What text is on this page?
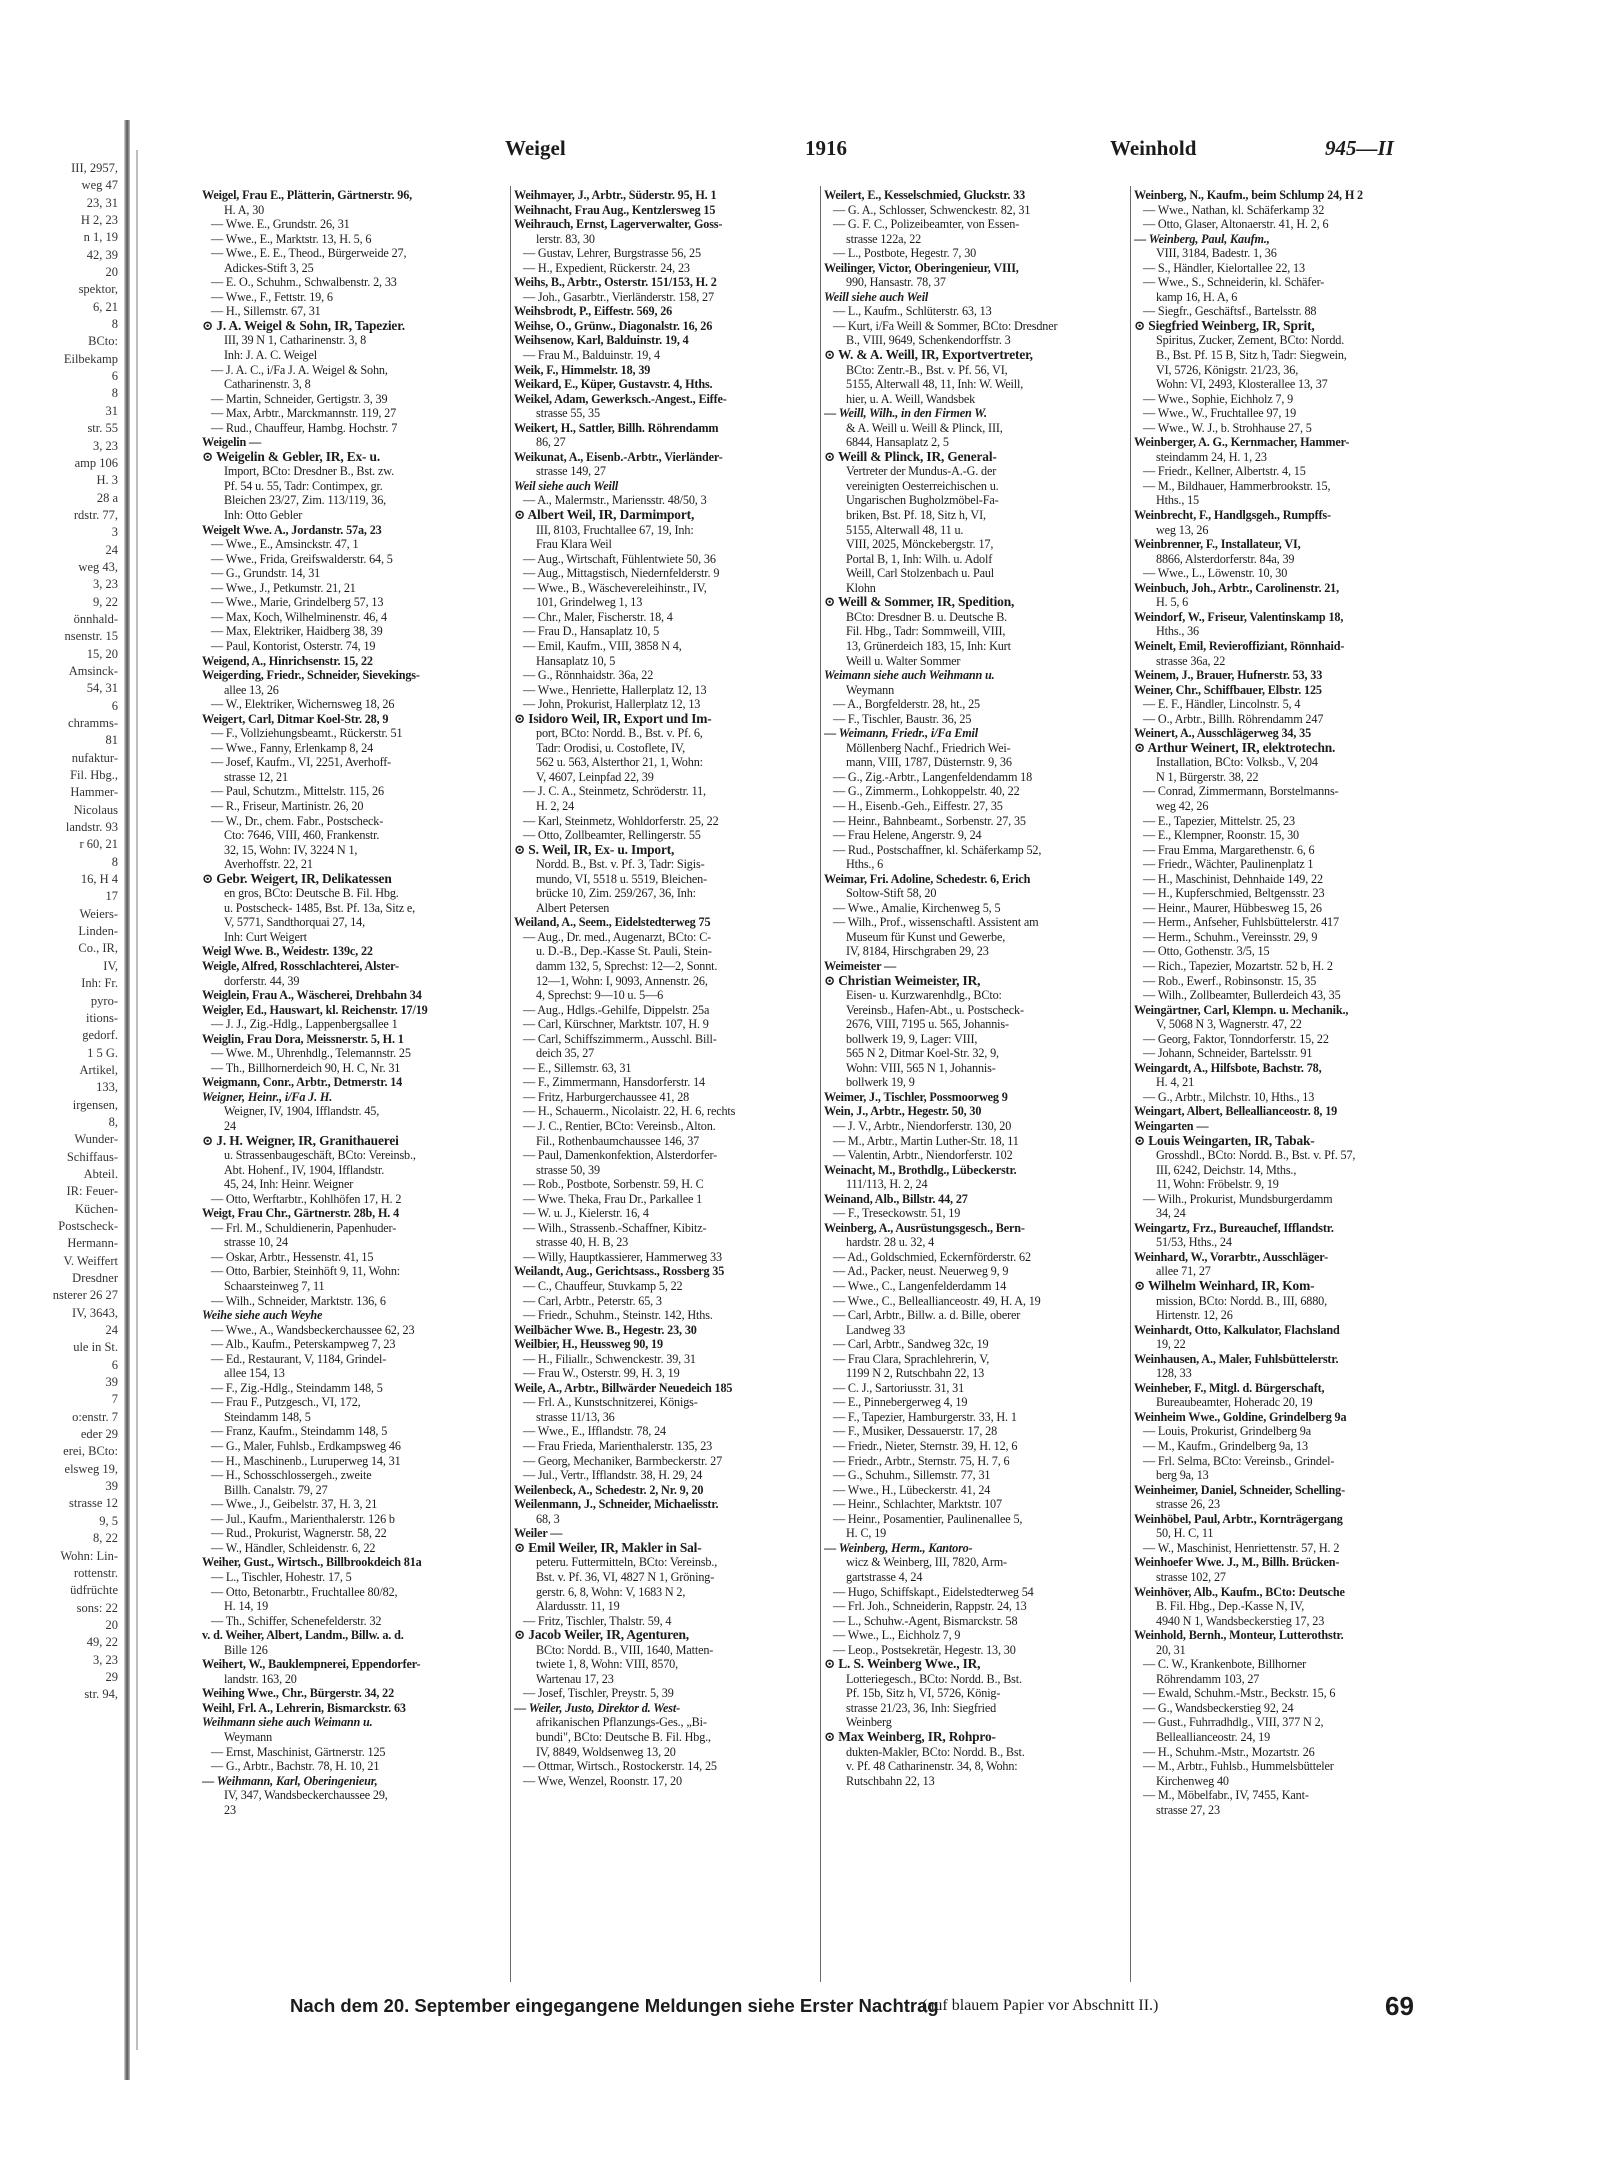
III, 2957,
weg 47
23, 31
H 2, 23
n 1, 19
42, 39
20
spektor,
6, 21
8
BCto:
Eilbekamp
6
8
31
str. 55
3, 23
amp 106
H. 3
28 a
rdstr. 77,
3
24
weg 43,
3, 23
9, 22
önnhald-
nsenstr. 15
15, 20
Amsinck-
54, 31
6
chramms-
81
nufaktur-
Fil. Hbg.,
Hammer-
Nicolaus
landstr. 93
r 60, 21
8
16, H 4
17
Weiers-
Linden-
Co., IR,
IV,
Inh: Fr.
pyro-
itions-
gedorf.
1 5 G.
Artikel,
133,
irgensen,
8,
Wunder-
Schiffaus-
Abteil.
IR: Feuer-
Küchen-
Postscheck-
Hermann-
V. Weiffert
Dresdner
nsterer 26 27
IV, 3643,
24
ule in St.
6
39
7
o:enstr. 7
eder 29
erei, BCto:
elsweg 19,
39
strasse 12
9, 5
8, 22
Wohn: Lin-
rottenstr.
üdfrüchte
sons: 22
20
49, 22
3, 23
29
str. 94,
Weigel	1916	Weinhold	945—II
Weigel, Frau E., Plätterin, Gärtnerstr. 96,
H. A, 30
— Wwe. E., Grundstr. 26, 31
— Wwe., E., Marktstr. 13, H. 5, 6
— Wwe., E. E., Theod., Bürgerweide 27,
Adickes-Stift 3, 25
— E. O., Schuhm., Schwalbenstr. 2, 33
— Wwe., F., Fettstr. 19, 6
— H., Sillemstr. 67, 31
⊙ J. A. Weigel & Sohn, IR, Tapezier.
III, 39 N 1, Catharinenstr. 3, 8
Inh: J. A. C. Weigel
— J. A. C., i/Fa J. A. Weigel & Sohn,
Catharinenstr. 3, 8
— Martin, Schneider, Gertigstr. 3, 39
— Max, Arbtr., Marckmannstr. 119, 27
— Rud., Chauffeur, Hambg. Hochstr. 7
Weigelin —
⊙ Weigelin & Gebler, IR, Ex- u.
Import, BCto: Dresdner B., Bst. zw.
Pf. 54 u. 55, Tadr: Contimpex, gr.
Bleichen 23/27, Zim. 113/119, 36,
Inh: Otto Gebler
Weigelt Wwe. A., Jordanstr. 57a, 23
— Wwe., E., Amsinckstr. 47, 1
— Wwe., Frida, Greifswalderstr. 64, 5
— G., Grundstr. 14, 31
— Wwe., J., Petkumstr. 21, 21
— Wwe., Marie, Grindelberg 57, 13
— Max, Koch, Wilhelminenstr. 46, 4
— Max, Elektriker, Haidberg 38, 39
— Paul, Kontorist, Osterstr. 74, 19
Weigend, A., Hinrichsenstr. 15, 22
Weigerding, Friedr., Schneider, Sievekings-
allee 13, 26
— W., Elektriker, Wichernsweg 18, 26
Weigert, Carl, Ditmar Koel-Str. 28, 9
— F., Vollziehungsbeamt., Rückerstr. 51
— Wwe., Fanny, Erlenkamp 8, 24
— Josef, Kaufm., VI, 2251, Averhoff-
strasse 12, 21
— Paul, Schutzm., Mittelstr. 115, 26
— R., Friseur, Martinistr. 26, 20
— W., Dr., chem. Fabr., Postscheck-
Cto: 7646, VIII, 460, Frankenstr.
32, 15, Wohn: IV, 3224 N 1,
Averhoffstr. 22, 21
⊙ Gebr. Weigert, IR, Delikatessen
en gros, BCto: Deutsche B. Fil. Hbg.
u. Postscheck- 1485, Bst. Pf. 13a, Sitz e,
V, 5771, Sandthorquai 27, 14,
Inh: Curt Weigert
Weigl Wwe. B., Weidestr. 139c, 22
Weigle, Alfred, Rosschlachterei, Alster-
dorferstr. 44, 39
Weiglein, Frau A., Wäscherei, Drehbahn 34
Weigler, Ed., Hauswart, kl. Reichenstr. 17/19
— J. J., Zig.-Hdlg., Lappenbergsallee 1
Weiglin, Frau Dora, Meissnerstr. 5, H. 1
— Wwe. M., Uhrenhdlg., Telemannstr. 25
— Th., Billhornerdeich 90, H. C, Nr. 31
Weigmann, Conr., Arbtr., Detmerstr. 14
Weigner, Heinr., i/Fa J. H.
Weigner, IV, 1904, Ifflandstr. 45,
24
⊙ J. H. Weigner, IR, Granithauerei
u. Strassenbaugeschäft, BCto: Vereinsb.,
Abt. Hohenf., IV, 1904, Ifflandstr.
45, 24, Inh: Heinr. Weigner
— Otto, Werftarbtr., Kohlhöfen 17, H. 2
Weigt, Frau Chr., Gärtnerstr. 28b, H. 4
— Frl. M., Schuldienerin, Papenhuder-
strasse 10, 24
— Oskar, Arbtr., Hessenstr. 41, 15
— Otto, Barbier, Steinhöft 9, 11, Wohn:
Schaarsteinweg 7, 11
— Wilh., Schneider, Marktstr. 136, 6
Weihe siehe auch Weyhe
— Wwe., A., Wandsbeckerchaussee 62, 23
— Alb., Kaufm., Peterskampweg 7, 23
— Ed., Restaurant, V, 1184, Grindel-
allee 154, 13
— F., Zig.-Hdlg., Steindamm 148, 5
— Frau F., Putzgesch., VI, 172,
Steindamm 148, 5
— Franz, Kaufm., Steindamm 148, 5
— G., Maler, Fuhlsb., Erdkampsweg 46
— H., Maschinenb., Luruperweg 14, 31
— H., Schosschlossergeh., zweite
Billh. Canalstr. 79, 27
— Wwe., J., Geibelstr. 37, H. 3, 21
— Jul., Kaufm., Marienthalerstr. 126 b
— Rud., Prokurist, Wagnerstr. 58, 22
— W., Händler, Schleidenstr. 6, 22
Weiher, Gust., Wirtsch., Billbrookdeich 81a
— L., Tischler, Hohestr. 17, 5
— Otto, Betonarbtr., Fruchtallee 80/82,
H. 14, 19
— Th., Schiffer, Schenefelderstr. 32
v. d. Weiher, Albert, Landm., Billw. a. d.
Bille 126
Weihert, W., Bauklempnerei, Eppendorfer-
landstr. 163, 20
Weihing Wwe., Chr., Bürgerstr. 34, 22
Weihl, Frl. A., Lehrerin, Bismarckstr. 63
Weihmann siehe auch Weimann u.
Weymann
— Ernst, Maschinist, Gärtnerstr. 125
— G., Arbtr., Bachstr. 78, H. 10, 21
— Weihmann, Karl, Oberingenieur,
IV, 347, Wandsbeckerchaussee 29,
23
Weihmayer, J., Arbtr., Süderstr. 95, H. 1
Weihnacht, Frau Aug., Kentzlersweg 15
Weihrauch, Ernst, Lagerverwalter, Goss-
lerstr. 83, 30
— Gustav, Lehrer, Burgstrasse 56, 25
— H., Expedient, Rückerstr. 24, 23
Weihs, B., Arbtr., Osterstr. 151/153, H. 2
— Joh., Gasarbtr., Vierländerstr. 158, 27
Weihsbrodt, P., Eiffestr. 569, 26
Weihse, O., Grünw., Diagonalstr. 16, 26
Weihsenow, Karl, Balduinstr. 19, 4
— Frau M., Balduinstr. 19, 4
Weik, F., Himmelstr. 18, 39
Weikard, E., Küper, Gustavstr. 4, Hths.
Weikel, Adam, Gewerksch.-Angest., Eiffe-
strasse 55, 35
Weikert, H., Sattler, Billh. Röhrendamm
86, 27
Weikunat, A., Eisenb.-Arbtr., Vierländer-
strasse 149, 27
Weil siehe auch Weill
— A., Malermstr., Mariensstr. 48/50, 3
⊙ Albert Weil, IR, Darmimport,
III, 8103, Fruchtallee 67, 19, Inh:
Frau Klara Weil
— Aug., Wirtschaft, Fühlentwiete 50, 36
— Aug., Mittagstisch, Niedernfelderstr. 9
— Wwe., B., Wäschevereleihinstr., IV,
101, Grindelweg 1, 13
— Chr., Maler, Fischerstr. 18, 4
— Frau D., Hansaplatz 10, 5
— Emil, Kaufm., VIII, 3858 N 4,
Hansaplatz 10, 5
— G., Rönnhaidstr. 36a, 22
— Wwe., Henriette, Hallerplatz 12, 13
— John, Prokurist, Hallerplatz 12, 13
⊙ Isidoro Weil, IR, Export und Im-
port, BCto: Nordd. B., Bst. v. Pf. 6,
Tadr: Orodisi, u. Costoflete, IV,
562 u. 563, Alsterthor 21, 1, Wohn:
V, 4607, Leinpfad 22, 39
— J. C. A., Steinmetz, Schröderstr. 11,
H. 2, 24
— Karl, Steinmetz, Wohldorferstr. 25, 22
— Otto, Zollbeamter, Rellingerstr. 55
⊙ S. Weil, IR, Ex- u. Import,
Nordd. B., Bst. v. Pf. 3, Tadr: Sigis-
mundo, VI, 5518 u. 5519, Bleichen-
brücke 10, Zim. 259/267, 36, Inh:
Albert Petersen
Weiland, A., Seem., Eidelstedterweg 75
— Aug., Dr. med., Augenarzt, BCto: C-
u. D.-B., Dep.-Kasse St. Pauli, Stein-
damm 132, 5, Sprechst: 12—2, Sonnt.
12—1, Wohn: I, 9093, Annenstr. 26,
4, Sprechst: 9—10 u. 5—6
— Aug., Hdlgs.-Gehilfe, Dippelstr. 25a
— Carl, Kürschner, Marktstr. 107, H. 9
— Carl, Schiffszimmerm., Ausschl. Bill-
deich 35, 27
— E., Sillemstr. 63, 31
— F., Zimmermann, Hansdorferstr. 14
— Fritz, Harburgerchaussee 41, 28
— H., Schauerm., Nicolaistr. 22, H. 6, rechts
— J. C., Rentier, BCto: Vereinsb., Alton.
Fil., Rothenbaumchaussee 146, 37
— Paul, Damenkonfektion, Alsterdorfer-
strasse 50, 39
— Rob., Postbote, Sorbenstr. 59, H. C
— Wwe. Theka, Frau Dr., Parkallee 1
— W. u. J., Kielerstr. 16, 4
— Wilh., Strassenb.-Schaffner, Kibitz-
strasse 40, H. B, 23
— Willy, Hauptkassierer, Hammerweg 33
Weilandt, Aug., Gerichtsass., Rossberg 35
— C., Chauffeur, Stuvkamp 5, 22
— Carl, Arbtr., Peterstr. 65, 3
— Friedr., Schuhm., Steinstr. 142, Hths.
Weilbächer Wwe. B., Hegestr. 23, 30
Weilbier, H., Heussweg 90, 19
— H., Filiallr., Schwenckestr. 39, 31
— Frau W., Osterstr. 99, H. 3, 19
Weile, A., Arbtr., Billwärder Neuedeich 185
— Frl. A., Kunstschnitzerei, Königs-
strasse 11/13, 36
— Wwe., E., Ifflandstr. 78, 24
— Frau Frieda, Marienthalerstr. 135, 23
— Georg, Mechaniker, Barmbeckerstr. 27
— Jul., Vertr., Ifflandstr. 38, H. 29, 24
Weilenbeck, A., Schedestr. 2, Nr. 9, 20
Weilenmann, J., Schneider, Michaelisstr.
68, 3
Weiler —
⊙ Emil Weiler, IR, Makler in Sal-
peteru. Futtermitteln, BCto: Vereinsb.,
Bst. v. Pf. 36, VI, 4827 N 1, Gröning-
gerstr. 6, 8, Wohn: V, 1683 N 2,
Alardusstr. 11, 19
— Fritz, Tischler, Thalstr. 59, 4
⊙ Jacob Weiler, IR, Agenturen,
BCto: Nordd. B., VIII, 1640, Matten-
twiete 1, 8, Wohn: VIII, 8570,
Wartenau 17, 23
— Josef, Tischler, Preystr. 5, 39
— Weiler, Justo, Direktor d. West-
afrikanischen Pflanzungs-Ges., „Bi-
bundi", BCto: Deutsche B. Fil. Hbg.,
IV, 8849, Woldsenweg 13, 20
— Ottmar, Wirtsch., Rostockerstr. 14, 25
— Wwe, Wenzel, Roonstr. 17, 20
Weilert, E., Kesselschmied, Gluckstr. 33
— G. A., Schlosser, Schwenckestr. 82, 31
— G. F. C., Polizeibeamter, von Essen-
strasse 122a, 22
— L., Postbote, Hegestr. 7, 30
Weilinger, Victor, Oberingenieur, VIII,
990, Hansastr. 78, 37
Weill siehe auch Weil
— L., Kaufm., Schlüterstr. 63, 13
— Kurt, i/Fa Weill & Sommer, BCto: Dresdner
B., VIII, 9649, Schenkendorffstr. 3
⊙ W. & A. Weill, IR, Exportvertreter,
BCto: Zentr.-B., Bst. v. Pf. 56, VI,
5155, Alterwall 48, 11, Inh: W. Weill,
hier, u. A. Weill, Wandsbek
— Weill, Wilh., in den Firmen W.
& A. Weill u. Weill & Plinck, III,
6844, Hansaplatz 2, 5
⊙ Weill & Plinck, IR, General-
Vertreter der Mundus-A.-G. der
vereinigten Oesterreichischen u.
Ungarischen Bugholzmöbel-Fa-
briken, Bst. Pf. 18, Sitz h, VI,
5155, Alterwall 48, 11 u.
VIII, 2025, Mönckebergstr. 17,
Portal B, 1, Inh: Wilh. u. Adolf
Weill, Carl Stolzenbach u. Paul
Klohn
⊙ Weill & Sommer, IR, Spedition,
BCto: Dresdner B. u. Deutsche B.
Fil. Hbg., Tadr: Sommweill, VIII,
13, Grünerdeich 183, 15, Inh: Kurt
Weill u. Walter Sommer
Weimann siehe auch Weihmann u.
Weymann
— A., Borgfelderstr. 28, ht., 25
— F., Tischler, Baustr. 36, 25
— Weimann, Friedr., i/Fa Emil
Möllenberg Nachf., Friedrich Wei-
mann, VIII, 1787, Düsternstr. 9, 36
— G., Zig.-Arbtr., Langenfeldendamm 18
— G., Zimmerm., Lohkoppelstr. 40, 22
— H., Eisenb.-Geh., Eiffestr. 27, 35
— Heinr., Bahnbeamt., Sorbenstr. 27, 35
— Frau Helene, Angerstr. 9, 24
— Rud., Postschaffner, kl. Schäferkamp 52,
Hths., 6
Weimar, Fri. Adoline, Schedestr. 6, Erich
Soltow-Stift 58, 20
— Wwe., Amalie, Kirchenweg 5, 5
— Wilh., Prof., wissenschaftl. Assistent am
Museum für Kunst und Gewerbe,
IV, 8184, Hirschgraben 29, 23
Weimeister —
⊙ Christian Weimeister, IR,
Eisen- u. Kurzwarenhdlg., BCto:
Vereinsb., Hafen-Abt., u. Postscheck-
2676, VIII, 7195 u. 565, Johannis-
bollwerk 19, 9, Lager: VIII,
565 N 2, Ditmar Koel-Str. 32, 9,
Wohn: VIII, 565 N 1, Johannis-
bollwerk 19, 9
Weimer, J., Tischler, Possmoorweg 9
Wein, J., Arbtr., Hegestr. 50, 30
— J. V., Arbtr., Niendorferstr. 130, 20
— M., Arbtr., Martin Luther-Str. 18, 11
— Valentin, Arbtr., Niendorferstr. 102
Weinacht, M., Brothdlg., Lübeckerstr.
111/113, H. 2, 24
Weinand, Alb., Billstr. 44, 27
— F., Treseckowstr. 51, 19
Weinberg, A., Ausrüstungsgesch., Bern-
hardstr. 28 u. 32, 4
— Ad., Goldschmied, Eckernförderstr. 62
— Ad., Packer, neust. Neuerweg 9, 9
— Wwe., C., Langenfelderdamm 14
— Wwe., C., Belleallianceostr. 49, H. A, 19
— Carl, Arbtr., Billw. a. d. Bille, oberer
Landweg 33
— Carl, Arbtr., Sandweg 32c, 19
— Frau Clara, Sprachlehrerin, V,
1199 N 2, Rutschbahn 22, 13
— C. J., Sartoriusstr. 31, 31
— E., Pinnebergerweg 4, 19
— F., Tapezier, Hamburgerstr. 33, H. 1
— F., Musiker, Dessauerstr. 17, 28
— Friedr., Nieter, Sternstr. 39, H. 12, 6
— Friedr., Arbtr., Sternstr. 75, H. 7, 6
— G., Schuhm., Sillemstr. 77, 31
— Wwe., H., Lübeckerstr. 41, 24
— Heinr., Schlachter, Marktstr. 107
— Heinr., Posamentier, Paulinenallee 5,
H. C, 19
— Weinberg, Herm., Kantoro-
wicz & Weinberg, III, 7820, Arm-
gartstrasse 4, 24
— Hugo, Schiffskapt., Eidelstedterweg 54
— Frl. Joh., Schneiderin, Rappstr. 24, 13
— L., Schuhw.-Agent, Bismarckstr. 58
— Wwe., L., Eichholz 7, 9
— Leop., Postsekretär, Hegestr. 13, 30
⊙ L. S. Weinberg Wwe., IR,
Lotteriegesch., BCto: Nordd. B., Bst.
Pf. 15b, Sitz h, VI, 5726, König-
strasse 21/23, 36, Inh: Siegfried
Weinberg
⊙ Max Weinberg, IR, Rohpro-
dukten-Makler, BCto: Nordd. B., Bst.
v. Pf. 48 Catharinenstr. 34, 8, Wohn:
Rutschbahn 22, 13
Weinberg, N., Kaufm., beim Schlump 24, H 2
— Wwe., Nathan, kl. Schäferkamp 32
— Otto, Glaser, Altonaerstr. 41, H. 2, 6
— Weinberg, Paul, Kaufm.,
VIII, 3184, Badestr. 1, 36
— S., Händler, Kielortallee 22, 13
— Wwe., S., Schneiderin, kl. Schäfer-
kamp 16, H. A, 6
— Siegfr., Geschäftsf., Bartelsstr. 88
⊙ Siegfried Weinberg, IR, Sprit,
Spiritus, Zucker, Zement, BCto: Nordd.
B., Bst. Pf. 15 B, Sitz h, Tadr: Siegwein,
VI, 5726, Königstr. 21/23, 36,
Wohn: VI, 2493, Klosterallee 13, 37
— Wwe., Sophie, Eichholz 7, 9
— Wwe., W., Fruchtallee 97, 19
— Wwe., W. J., b. Strohhause 27, 5
Weinberger, A. G., Kernmacher, Hammer-
steindamm 24, H. 1, 23
— Friedr., Kellner, Albertstr. 4, 15
— M., Bildhauer, Hammerbrookstr. 15,
Hths., 15
Weinbrecht, F., Handlgsgeh., Rumpffs-
weg 13, 26
Weinbrenner, F., Installateur, VI,
8866, Alsterdorferstr. 84a, 39
— Wwe., L., Löwenstr. 10, 30
Weinbuch, Joh., Arbtr., Carolinenstr. 21,
H. 5, 6
Weindorf, W., Friseur, Valentinskamp 18,
Hths., 36
Weinelt, Emil, Revieroffiziant, Rönnhaid-
strasse 36a, 22
Weinem, J., Brauer, Hufnerstr. 53, 33
Weiner, Chr., Schiffbauer, Elbstr. 125
— E. F., Händler, Lincolnstr. 5, 4
— O., Arbtr., Billh. Röhrendamm 247
Weinert, A., Ausschlägerweg 34, 35
⊙ Arthur Weinert, IR, elektrotechn.
Installation, BCto: Volksb., V, 204
N 1, Bürgerstr. 38, 22
— Conrad, Zimmermann, Borstelmanns-
weg 42, 26
— E., Tapezier, Mittelstr. 25, 23
— E., Klempner, Roonstr. 15, 30
— Frau Emma, Margarethenstr. 6, 6
— Friedr., Wächter, Paulinenplatz 1
— H., Maschinist, Dehnhaide 149, 22
— H., Kupferschmied, Beltgensstr. 23
— Heinr., Maurer, Hübbesweg 15, 26
— Herm., Anfseher, Fuhlsbüttelerstr. 417
— Herm., Schuhm., Vereinsstr. 29, 9
— Otto, Gothenstr. 3/5, 15
— Rich., Tapezier, Mozartstr. 52 b, H. 2
— Rob., Ewerf., Robinsonstr. 15, 35
— Wilh., Zollbeamter, Bullerdeich 43, 35
Weingärtner, Carl, Klempn. u. Mechanik.,
V, 5068 N 3, Wagnerstr. 47, 22
— Georg, Faktor, Tonndorferstr. 15, 22
— Johann, Schneider, Bartelsstr. 91
Weingardt, A., Hilfsbote, Bachstr. 78,
H. 4, 21
— G., Arbtr., Milchstr. 10, Hths., 13
Weingart, Albert, Belleallianceostr. 8, 19
Weingarten —
⊙ Louis Weingarten, IR, Tabak-
Grosshdl., BCto: Nordd. B., Bst. v. Pf. 57,
III, 6242, Deichstr. 14, Mths.,
11, Wohn: Fröbelstr. 9, 19
— Wilh., Prokurist, Mundsburgerdamm
34, 24
Weingartz, Frz., Bureauchef, Ifflandstr.
51/53, Hths., 24
Weinhard, W., Vorarbtr., Ausschläger-
allee 71, 27
⊙ Wilhelm Weinhard, IR, Kom-
mission, BCto: Nordd. B., III, 6880,
Hirtenstr. 12, 26
Weinhardt, Otto, Kalkulator, Flachsland
19, 22
Weinhausen, A., Maler, Fuhlsbüttelerstr.
128, 33
Weinheber, F., Mitgl. d. Bürgerschaft,
Bureaubeamter, Hoheradc 20, 19
Weinheim Wwe., Goldine, Grindelberg 9a
— Louis, Prokurist, Grindelberg 9a
— M., Kaufm., Grindelberg 9a, 13
— Frl. Selma, BCto: Vereinsb., Grindel-
berg 9a, 13
Weinheimer, Daniel, Schneider, Schelling-
strasse 26, 23
Weinhöbel, Paul, Arbtr., Kornträgergang
50, H. C, 11
— W., Maschinist, Henriettenstr. 57, H. 2
Weinhoefer Wwe. J., M., Billh. Brücken-
strasse 102, 27
Weinhöver, Alb., Kaufm., BCto: Deutsche
B. Fil. Hbg., Dep.-Kasse N, IV,
4940 N 1, Wandsbeckerstieg 17, 23
Weinhold, Bernh., Monteur, Lutterothstr.
20, 31
— C. W., Krankenbote, Billhorner
Röhrendamm 103, 27
— Ewald, Schuhm.-Mstr., Beckstr. 15, 6
— G., Wandsbeckerstieg 92, 24
— Gust., Fuhrradhdlg., VIII, 377 N 2,
Belleallianceostr. 24, 19
— H., Schuhm.-Mstr., Mozartstr. 26
— M., Arbtr., Fuhlsb., Hummelsbütteler
Kirchenweg 40
— M., Möbelfabr., IV, 7455, Kant-
strasse 27, 23
Nach dem 20. September eingegangene Meldungen siehe Erster Nachtrag
(auf blauem Papier vor Abschnitt II.)	69
